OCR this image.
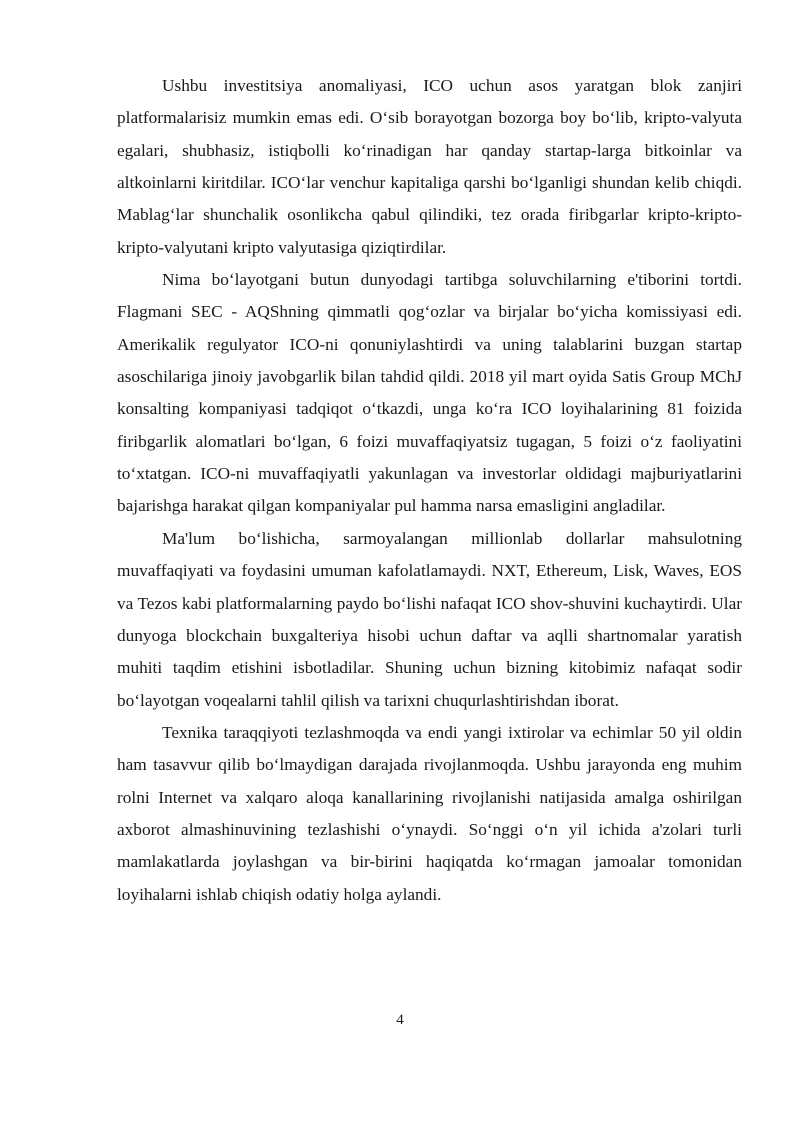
Ushbu investitsiya anomaliyasi, ICO uchun asos yaratgan blok zanjiri platformalarisiz mumkin emas edi. O‘sib borayotgan bozorga boy bo‘lib, kripto-valyuta egalari, shubhasiz, istiqbolli ko‘rinadigan har qanday startap-larga bitkoinlar va altkoinlarni kiritdilar. ICO‘lar venchur kapitaliga qarshi bo‘lganligi shundan kelib chiqdi. Mablag‘lar shunchalik osonlikcha qabul qilindiki, tez orada firibgarlar kripto-kripto-kripto-valyutani kripto valyutasiga qiziqtirdilar.

Nima bo‘layotgani butun dunyodagi tartibga soluvchilarning e'tiborini tortdi. Flagmani SEC - AQShning qimmatli qog‘ozlar va birjalar bo‘yicha komissiyasi edi. Amerikalik regulyator ICO-ni qonuniylashtirdi va uning talablarini buzgan startap asoschilariga jinoiy javobgarlik bilan tahdid qildi. 2018 yil mart oyida Satis Group MChJ konsalting kompaniyasi tadqiqot o‘tkazdi, unga ko‘ra ICO loyihalarining 81 foizida firibgarlik alomatlari bo‘lgan, 6 foizi muvaffaqiyatsiz tugagan, 5 foizi o‘z faoliyatini to‘xtatgan. ICO-ni muvaffaqiyatli yakunlagan va investorlar oldidagi majburiyatlarini bajarishga harakat qilgan kompaniyalar pul hamma narsa emasligini angladilar.

Ma'lum bo‘lishicha, sarmoyalangan millionlab dollarlar mahsulotning muvaffaqiyati va foydasini umuman kafolatlamaydi. NXT, Ethereum, Lisk, Waves, EOS va Tezos kabi platformalarning paydo bo‘lishi nafaqat ICO shov-shuvini kuchaytirdi. Ular dunyoga blockchain buxgalteriya hisobi uchun daftar va aqlli shartnomalar yaratish muhiti taqdim etishini isbotladilar. Shuning uchun bizning kitobimiz nafaqat sodir bo‘layotgan voqealarni tahlil qilish va tarixni chuqurlashtirishdan iborat.

Texnika taraqqiyoti tezlashmoqda va endi yangi ixtirolar va echimlar 50 yil oldin ham tasavvur qilib bo‘lmaydigan darajada rivojlanmoqda. Ushbu jarayonda eng muhim rolni Internet va xalqaro aloqa kanallarining rivojlanishi natijasida amalga oshirilgan axborot almashinuvining tezlashishi o‘ynaydi. So‘nggi o‘n yil ichida a'zolari turli mamlakatlarda joylashgan va bir-birini haqiqatda ko‘rmagan jamoalar tomonidan loyihalarni ishlab chiqish odatiy holga aylandi.

4
